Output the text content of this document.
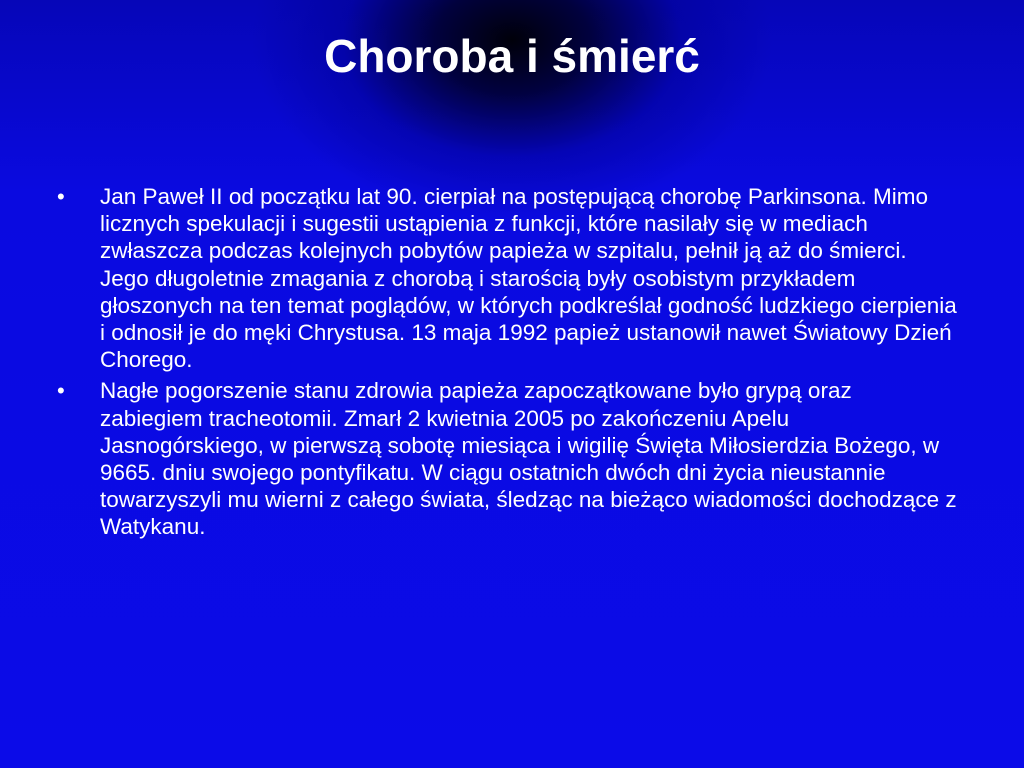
Choroba i śmierć
•	Jan Paweł II od początku lat 90. cierpiał na postępującą chorobę Parkinsona. Mimo licznych spekulacji i sugestii ustąpienia z funkcji, które nasilały się w mediach zwłaszcza podczas kolejnych pobytów papieża w szpitalu, pełnił ją aż do śmierci. Jego długoletnie zmagania z chorobą i starością były osobistym przykładem głoszonych na ten temat poglądów, w których podkreślał godność ludzkiego cierpienia i odnosił je do męki Chrystusa. 13 maja 1992 papież ustanowił nawet Światowy Dzień Chorego.
•	Nagłe pogorszenie stanu zdrowia papieża zapoczątkowane było grypą oraz zabiegiem tracheotomii. Zmarł 2 kwietnia 2005 po zakończeniu Apelu Jasnogórskiego, w pierwszą sobotę miesiąca i wigilię Święta Miłosierdzia Bożego, w 9665. dniu swojego pontyfikatu. W ciągu ostatnich dwóch dni życia nieustannie towarzyszyli mu wierni z całego świata, śledząc na bieżąco wiadomości dochodzące z Watykanu.
